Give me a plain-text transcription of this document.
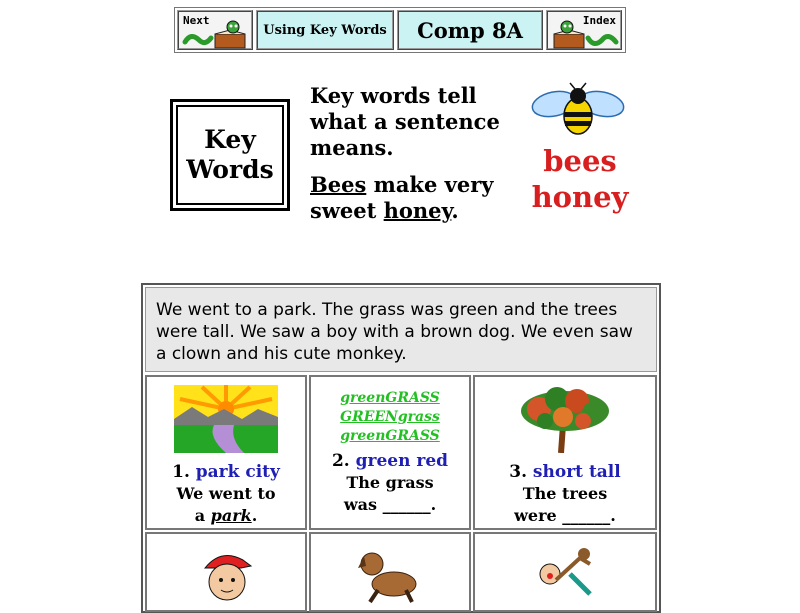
Next
Using Key Words Comp 8A	Index
Key
Words

Key words tell what a sentence means.

Bees make very sweet honey.

bees
honey
We went to a park. The grass was green and the trees were tall. We saw a boy with a brown dog. We even saw a clown and his cute monkey.
1. park city
We went to
a park.
greenGRASS
GREENgrass
greenGRASS
2. green red
The grass
was ______.
3. short tall
The trees
were ______.
